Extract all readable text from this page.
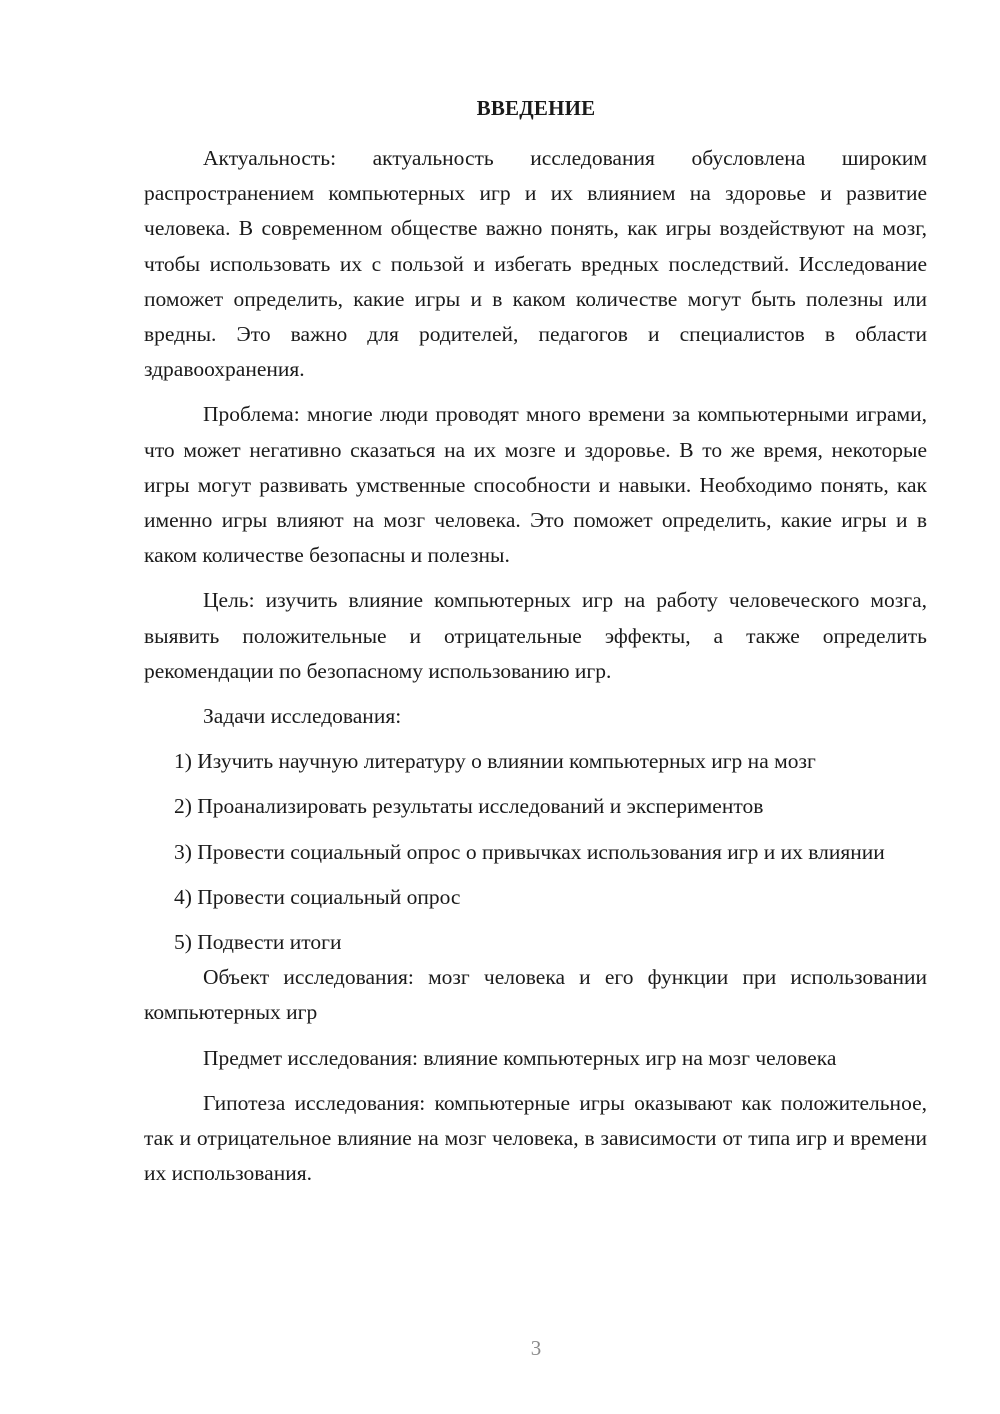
ВВЕДЕНИЕ

Актуальность: актуальность исследования обусловлена широким распространением компьютерных игр и их влиянием на здоровье и развитие человека. В современном обществе важно понять, как игры воздействуют на мозг, чтобы использовать их с пользой и избегать вредных последствий. Исследование поможет определить, какие игры и в каком количестве могут быть полезны или вредны. Это важно для родителей, педагогов и специалистов в области здравоохранения.

Проблема: многие люди проводят много времени за компьютерными играми, что может негативно сказаться на их мозге и здоровье. В то же время, некоторые игры могут развивать умственные способности и навыки. Необходимо понять, как именно игры влияют на мозг человека. Это поможет определить, какие игры и в каком количестве безопасны и полезны.

Цель: изучить влияние компьютерных игр на работу человеческого мозга, выявить положительные и отрицательные эффекты, а также определить рекомендации по безопасному использованию игр.

Задачи исследования:

1) Изучить научную литературу о влиянии компьютерных игр на мозг

2) Проанализировать результаты исследований и экспериментов

3) Провести социальный опрос о привычках использования игр и их влиянии

4) Провести социальный опрос

5) Подвести итоги

Объект исследования: мозг человека и его функции при использовании компьютерных игр

Предмет исследования: влияние компьютерных игр на мозг человека

Гипотеза исследования: компьютерные игры оказывают как положительное, так и отрицательное влияние на мозг человека, в зависимости от типа игр и времени их использования.

3
